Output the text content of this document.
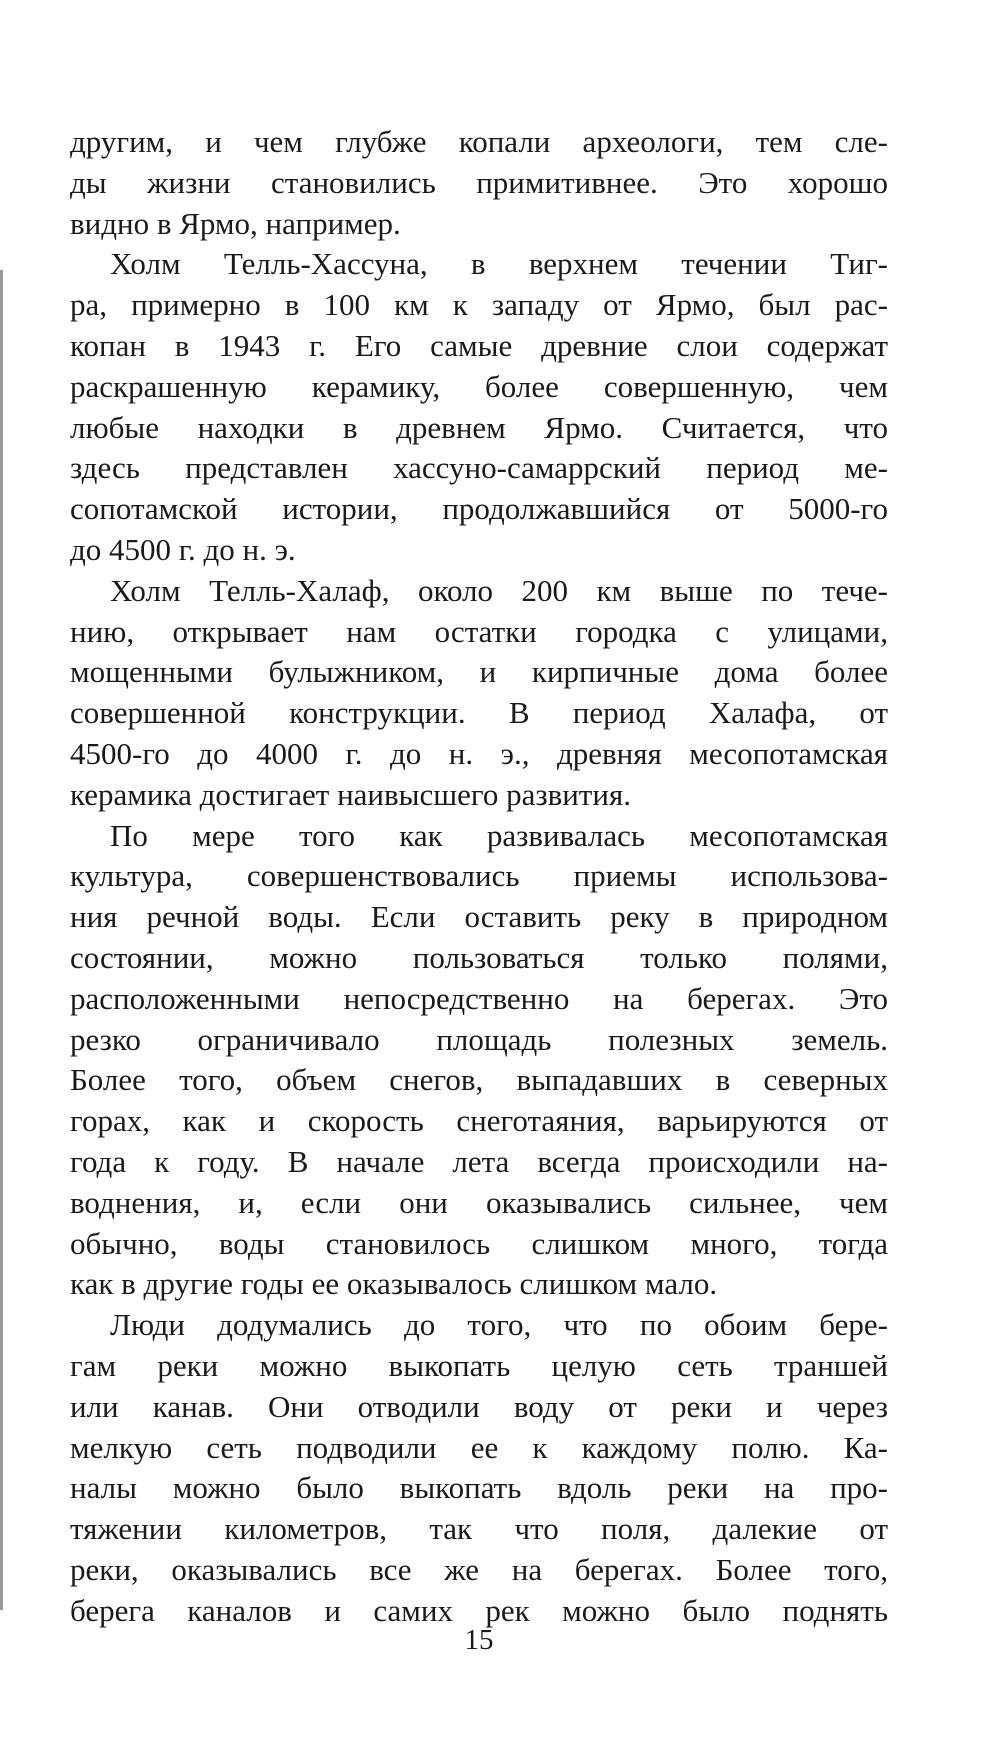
другим, и чем глубже копали археологи, тем сле-
ды жизни становились примитивнее. Это хорошо
видно в Ярмо, например.
Холм Телль-Хассуна, в верхнем течении Тиг-
ра, примерно в 100 км к западу от Ярмо, был рас-
копан в 1943 г. Его самые древние слои содержат
раскрашенную керамику, более совершенную, чем
любые находки в древнем Ярмо. Считается, что
здесь представлен хассуно-самаррский период ме-
сопотамской истории, продолжавшийся от 5000-го
до 4500 г. до н. э.
Холм Телль-Халаф, около 200 км выше по тече-
нию, открывает нам остатки городка с улицами,
мощенными булыжником, и кирпичные дома более
совершенной конструкции. В период Халафа, от
4500-го до 4000 г. до н. э., древняя месопотамская
керамика достигает наивысшего развития.
По мере того как развивалась месопотамская
культура, совершенствовались приемы использова-
ния речной воды. Если оставить реку в природном
состоянии, можно пользоваться только полями,
расположенными непосредственно на берегах. Это
резко ограничивало площадь полезных земель.
Более того, объем снегов, выпадавших в северных
горах, как и скорость снеготаяния, варьируются от
года к году. В начале лета всегда происходили на-
воднения, и, если они оказывались сильнее, чем
обычно, воды становилось слишком много, тогда
как в другие годы ее оказывалось слишком мало.
Люди додумались до того, что по обоим бере-
гам реки можно выкопать целую сеть траншей
или канав. Они отводили воду от реки и через
мелкую сеть подводили ее к каждому полю. Ка-
налы можно было выкопать вдоль реки на про-
тяжении километров, так что поля, далекие от
реки, оказывались все же на берегах. Более того,
берега каналов и самих рек можно было поднять
15
